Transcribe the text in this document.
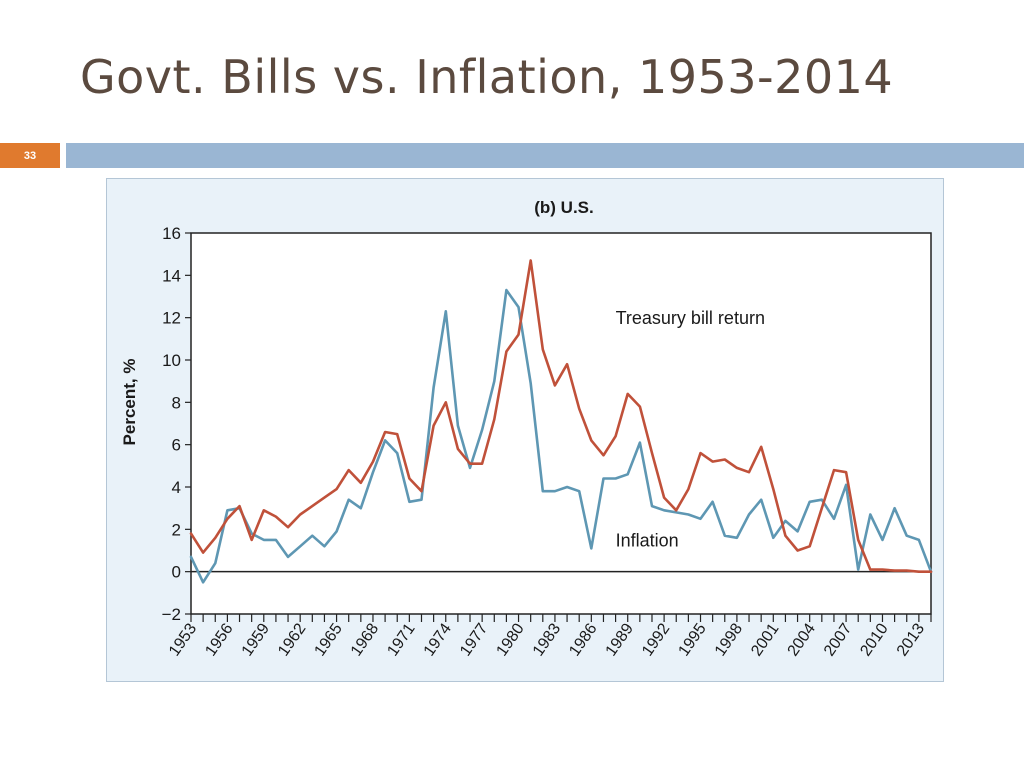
Govt. Bills vs. Inflation, 1953-2014
33
(b) U.S.
Percent, %
−2
0
2
4
6
8
10
12
14
16
1953 1956 1959 1962 1965 1968 1971 1974 1977 1980 1983 1986 1989 1992 1995 1998 2001 2004 2007 2010 2013
Treasury bill return
Inflation
